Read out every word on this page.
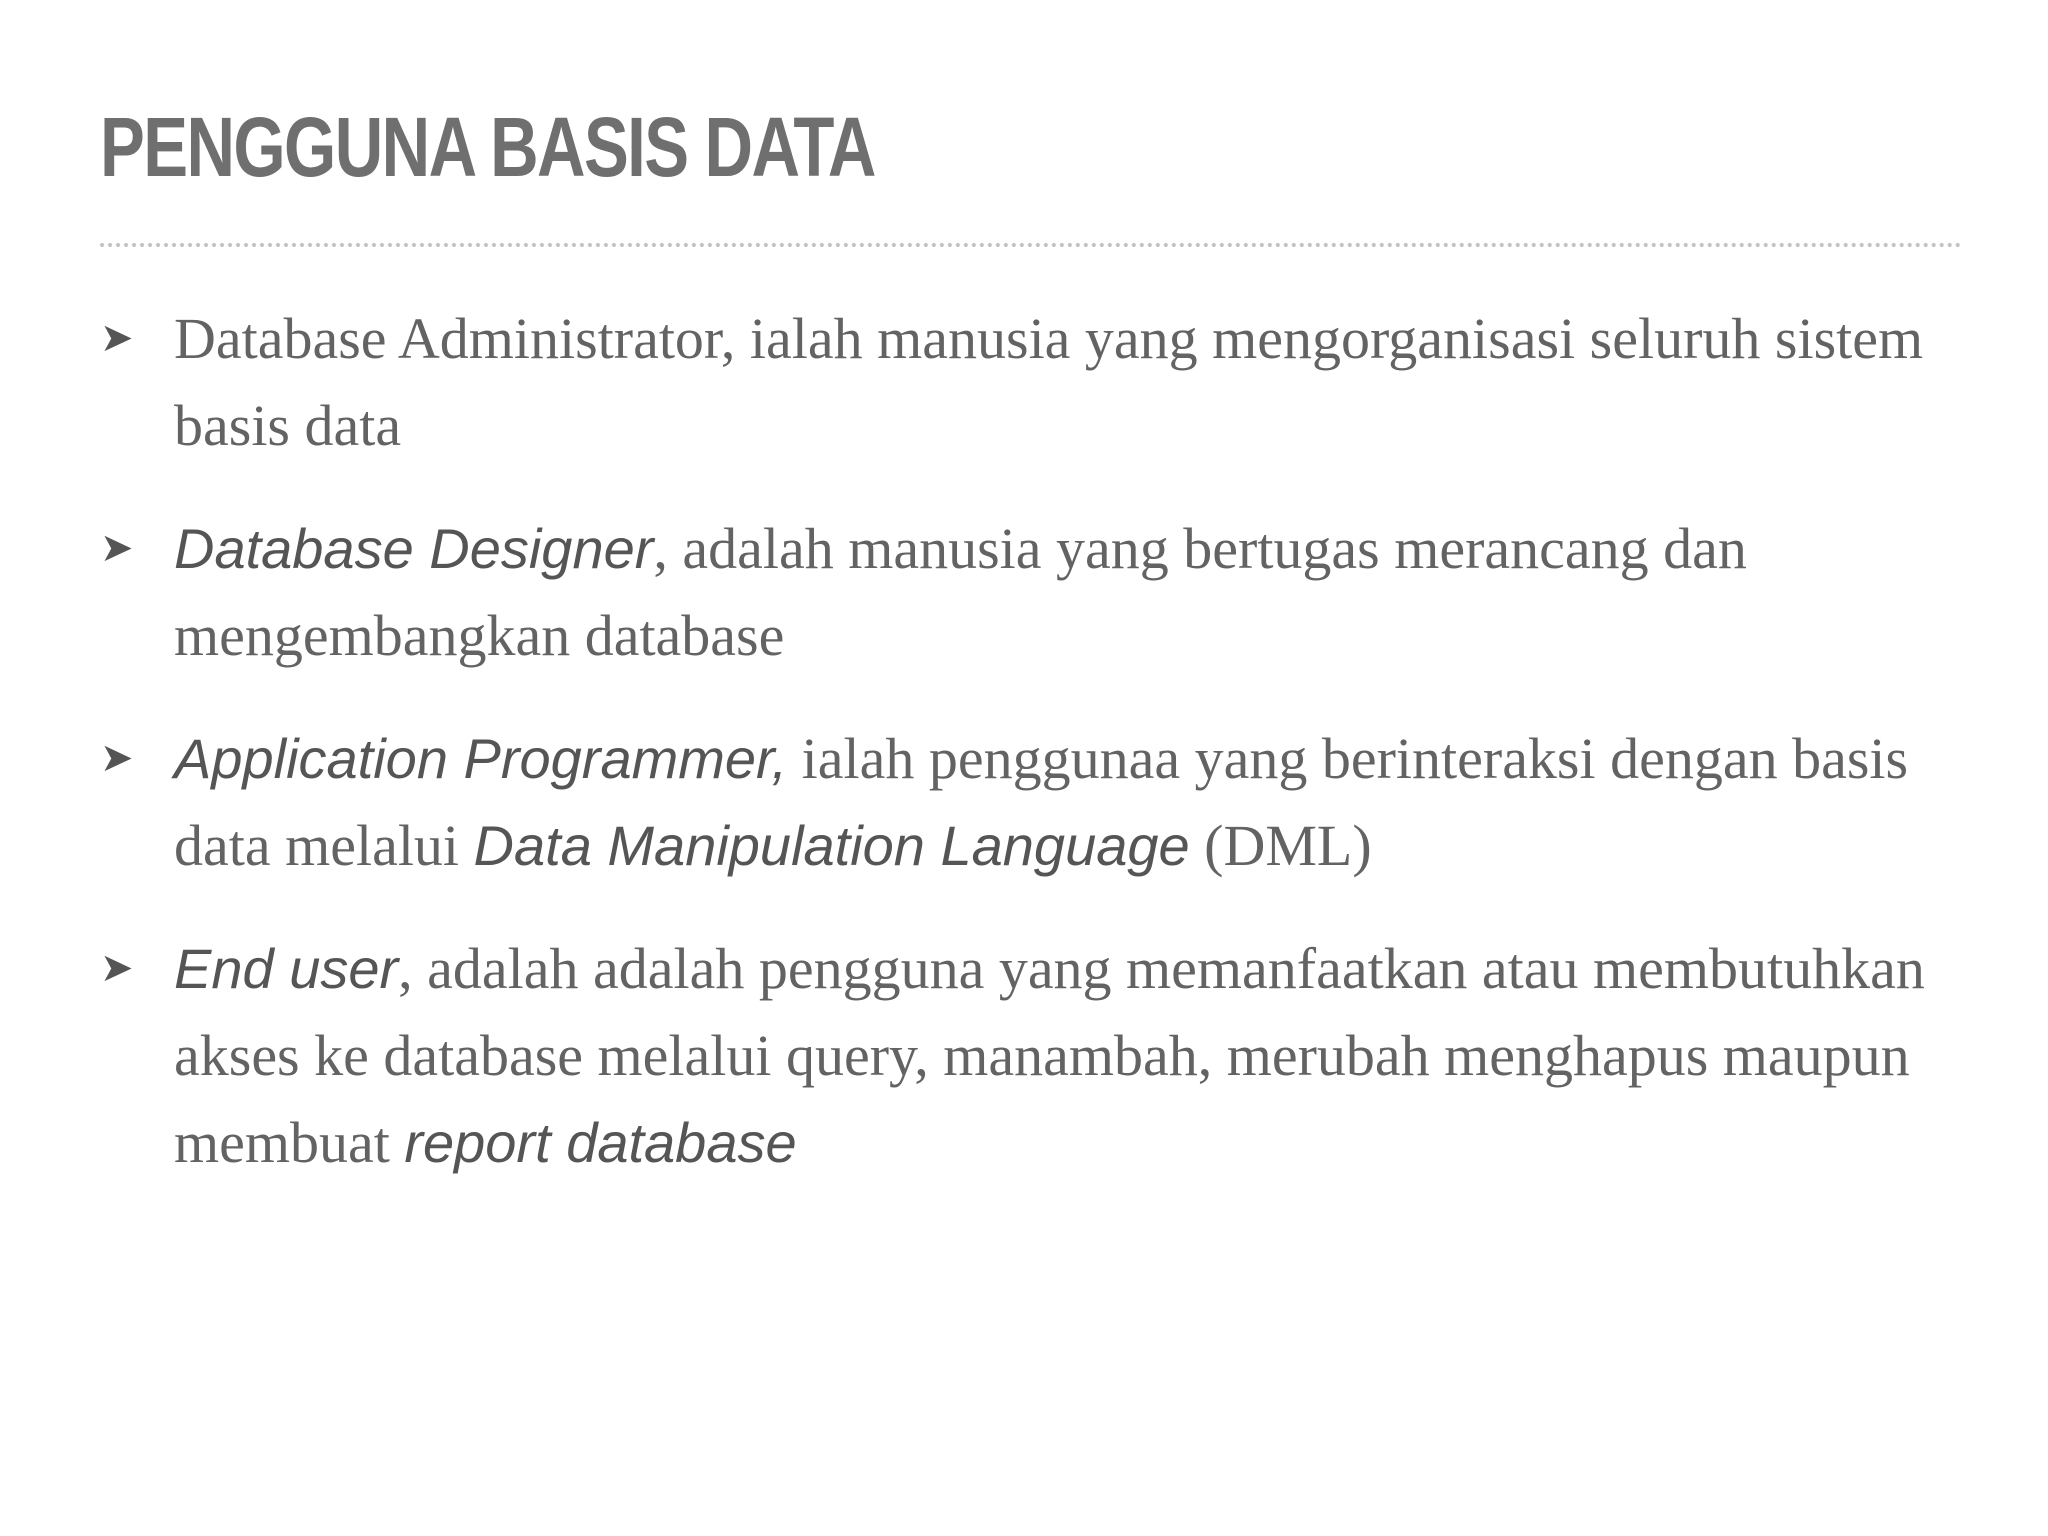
PENGGUNA BASIS DATA
➤ Database Administrator, ialah manusia yang mengorganisasi seluruh sistem basis data
➤ Database Designer, adalah manusia yang bertugas merancang dan mengembangkan database
➤ Application Programmer, ialah penggunaa yang berinteraksi dengan basis data melalui Data Manipulation Language (DML)
➤ End user, adalah adalah pengguna yang memanfaatkan atau membutuhkan akses ke database melalui query, manambah, merubah menghapus maupun membuat report database
